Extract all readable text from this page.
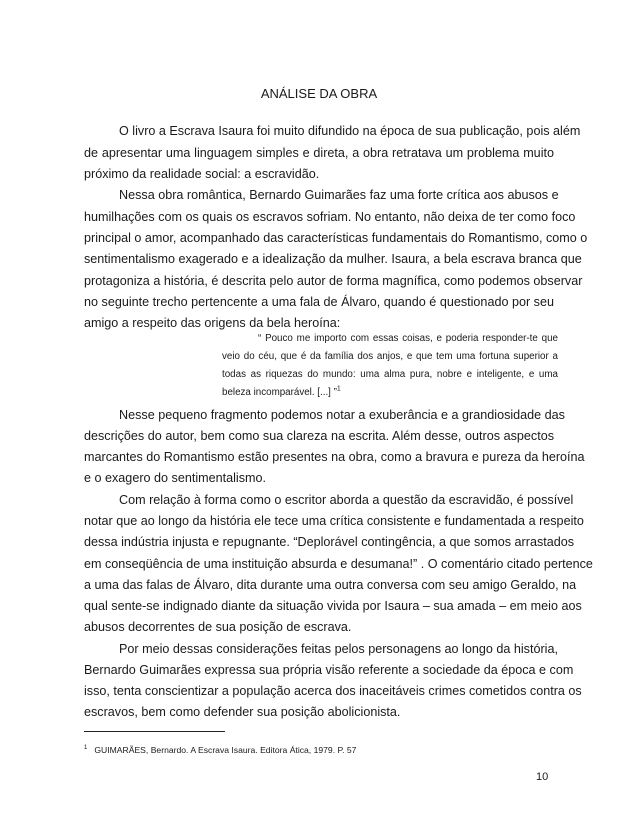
ANÁLISE DA OBRA
O livro a Escrava Isaura foi muito difundido na época de sua publicação, pois além
de apresentar uma linguagem simples e direta, a obra retratava um problema muito
próximo da realidade social: a escravidão.
Nessa obra romântica, Bernardo Guimarães faz uma forte crítica aos abusos e
humilhações com os quais os escravos sofriam. No entanto, não deixa de ter como foco
principal o amor, acompanhado das características fundamentais do Romantismo, como o
sentimentalismo exagerado e a idealização da mulher. Isaura, a bela escrava branca que
protagoniza a história, é descrita pelo autor de forma magnífica, como podemos observar
no seguinte trecho pertencente a uma fala de Álvaro, quando é questionado por seu
amigo a respeito das origens da bela heroína:
“ Pouco me importo com essas coisas, e poderia responder-te que
veio do céu, que é da família dos anjos, e que tem uma fortuna superior a
todas as riquezas do mundo: uma alma pura, nobre e inteligente, e uma
beleza incomparável. [...] ”$^1$
Nesse pequeno fragmento podemos notar a exuberância e a grandiosidade das
descrições do autor, bem como sua clareza na escrita. Além desse, outros aspectos
marcantes do Romantismo estão presentes na obra, como a bravura e pureza da heroína
e o exagero do sentimentalismo.
Com relação à forma como o escritor aborda a questão da escravidão, é possível
notar que ao longo da história ele tece uma crítica consistente e fundamentada a respeito
dessa indústria injusta e repugnante. “Deplorável contingência, a que somos arrastados
em conseqüência de uma instituição absurda e desumana!” . O comentário citado pertence
a uma das falas de Álvaro, dita durante uma outra conversa com seu amigo Geraldo, na
qual sente-se indignado diante da situação vivida por Isaura – sua amada – em meio aos
abusos decorrentes de sua posição de escrava.
Por meio dessas considerações feitas pelos personagens ao longo da história,
Bernardo Guimarães expressa sua própria visão referente a sociedade da época e com
isso, tenta conscientizar a população acerca dos inaceitáveis crimes cometidos contra os
escravos, bem como defender sua posição abolicionista.
$^1$ GUIMARÃES, Bernardo. A Escrava Isaura. Editora Ática, 1979. P. 57
10
